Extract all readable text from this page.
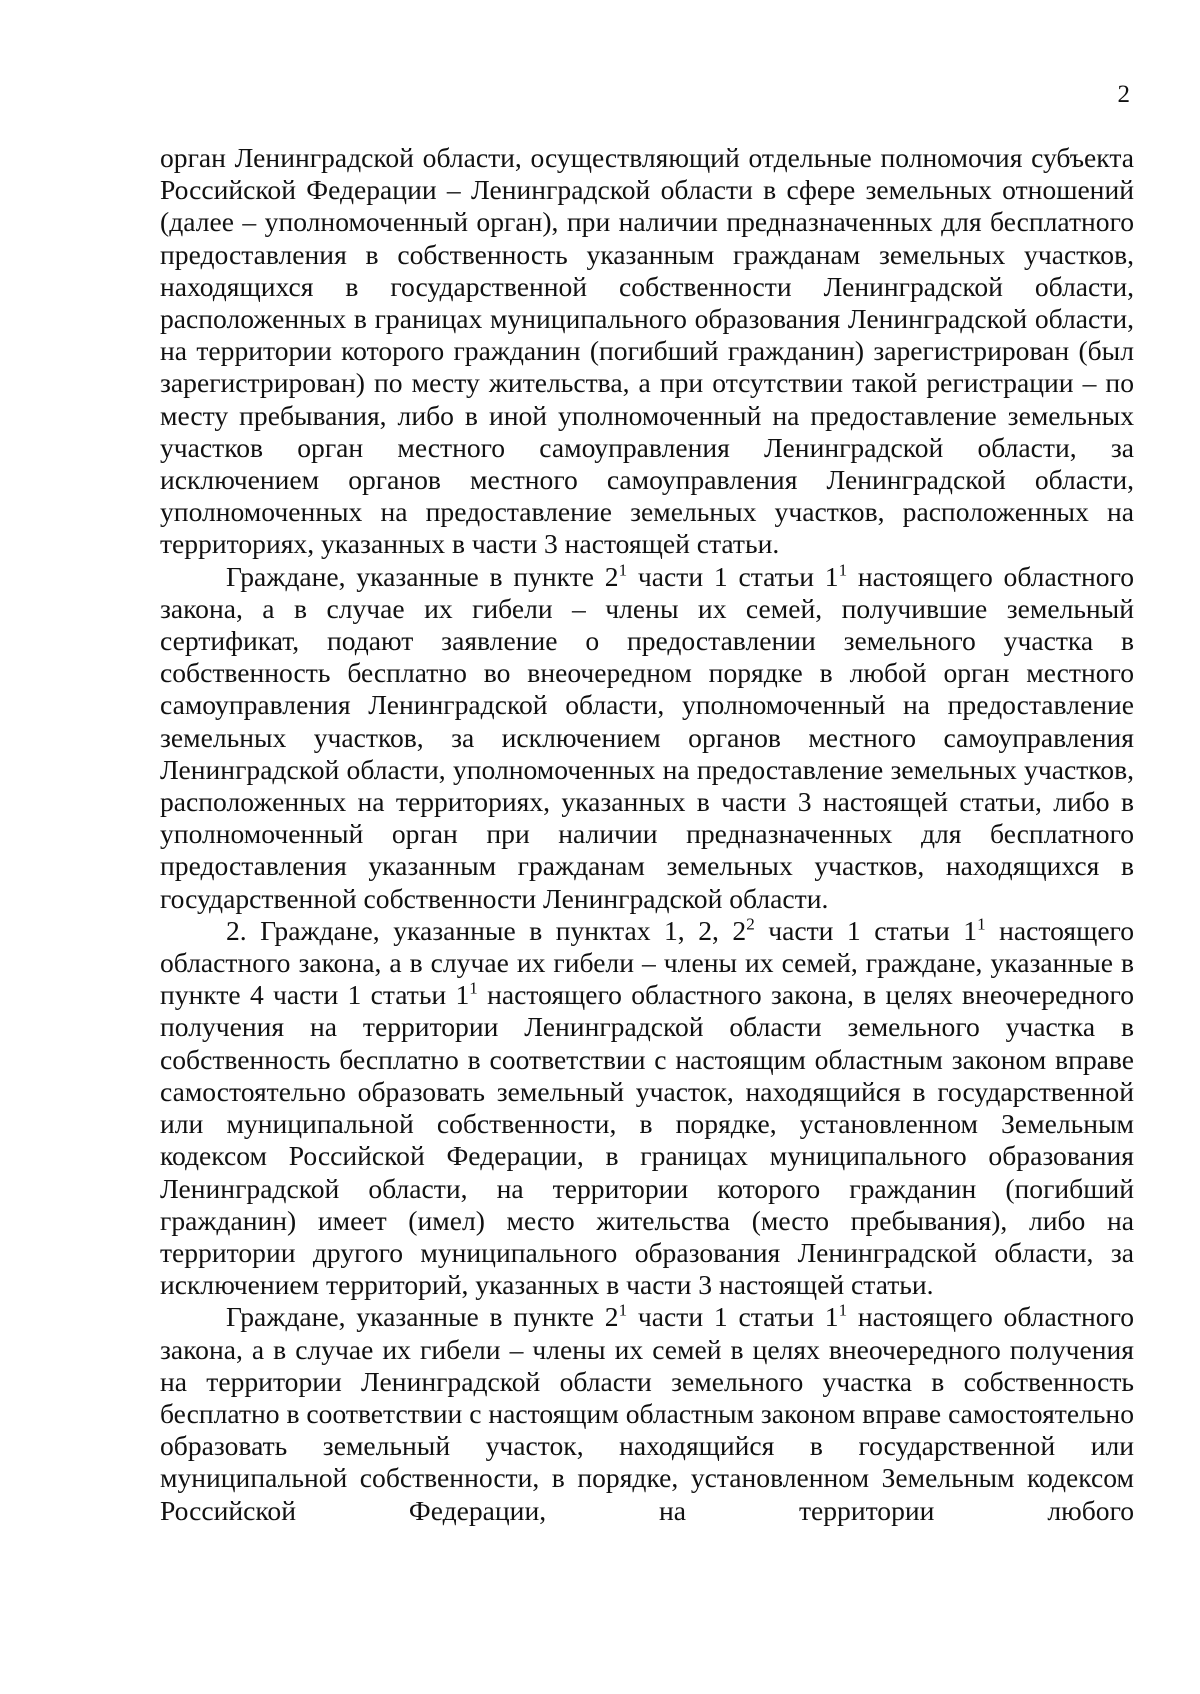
2

орган Ленинградской области, осуществляющий отдельные полномочия субъекта Российской Федерации – Ленинградской области в сфере земельных отношений (далее – уполномоченный орган), при наличии предназначенных для бесплатного предоставления в собственность указанным гражданам земельных участков, находящихся в государственной собственности Ленинградской области, расположенных в границах муниципального образования Ленинградской области, на территории которого гражданин (погибший гражданин) зарегистрирован (был зарегистрирован) по месту жительства, а при отсутствии такой регистрации – по месту пребывания, либо в иной уполномоченный на предоставление земельных участков орган местного самоуправления Ленинградской области, за исключением органов местного самоуправления Ленинградской области, уполномоченных на предоставление земельных участков, расположенных на территориях, указанных в части 3 настоящей статьи.

Граждане, указанные в пункте $2^1$ части 1 статьи $1^1$ настоящего областного закона, а в случае их гибели – члены их семей, получившие земельный сертификат, подают заявление о предоставлении земельного участка в собственность бесплатно во внеочередном порядке в любой орган местного самоуправления Ленинградской области, уполномоченный на предоставление земельных участков, за исключением органов местного самоуправления Ленинградской области, уполномоченных на предоставление земельных участков, расположенных на территориях, указанных в части 3 настоящей статьи, либо в уполномоченный орган при наличии предназначенных для бесплатного предоставления указанным гражданам земельных участков, находящихся в государственной собственности Ленинградской области.

2. Граждане, указанные в пунктах 1, 2, $2^2$ части 1 статьи $1^1$ настоящего областного закона, а в случае их гибели – члены их семей, граждане, указанные в пункте 4 части 1 статьи $1^1$ настоящего областного закона, в целях внеочередного получения на территории Ленинградской области земельного участка в собственность бесплатно в соответствии с настоящим областным законом вправе самостоятельно образовать земельный участок, находящийся в государственной или муниципальной собственности, в порядке, установленном Земельным кодексом Российской Федерации, в границах муниципального образования Ленинградской области, на территории которого гражданин (погибший гражданин) имеет (имел) место жительства (место пребывания), либо на территории другого муниципального образования Ленинградской области, за исключением территорий, указанных в части 3 настоящей статьи.

Граждане, указанные в пункте $2^1$ части 1 статьи $1^1$ настоящего областного закона, а в случае их гибели – члены их семей в целях внеочередного получения на территории Ленинградской области земельного участка в собственность бесплатно в соответствии с настоящим областным законом вправе самостоятельно образовать земельный участок, находящийся в государственной или муниципальной собственности, в порядке, установленном Земельным кодексом Российской Федерации, на территории любого
